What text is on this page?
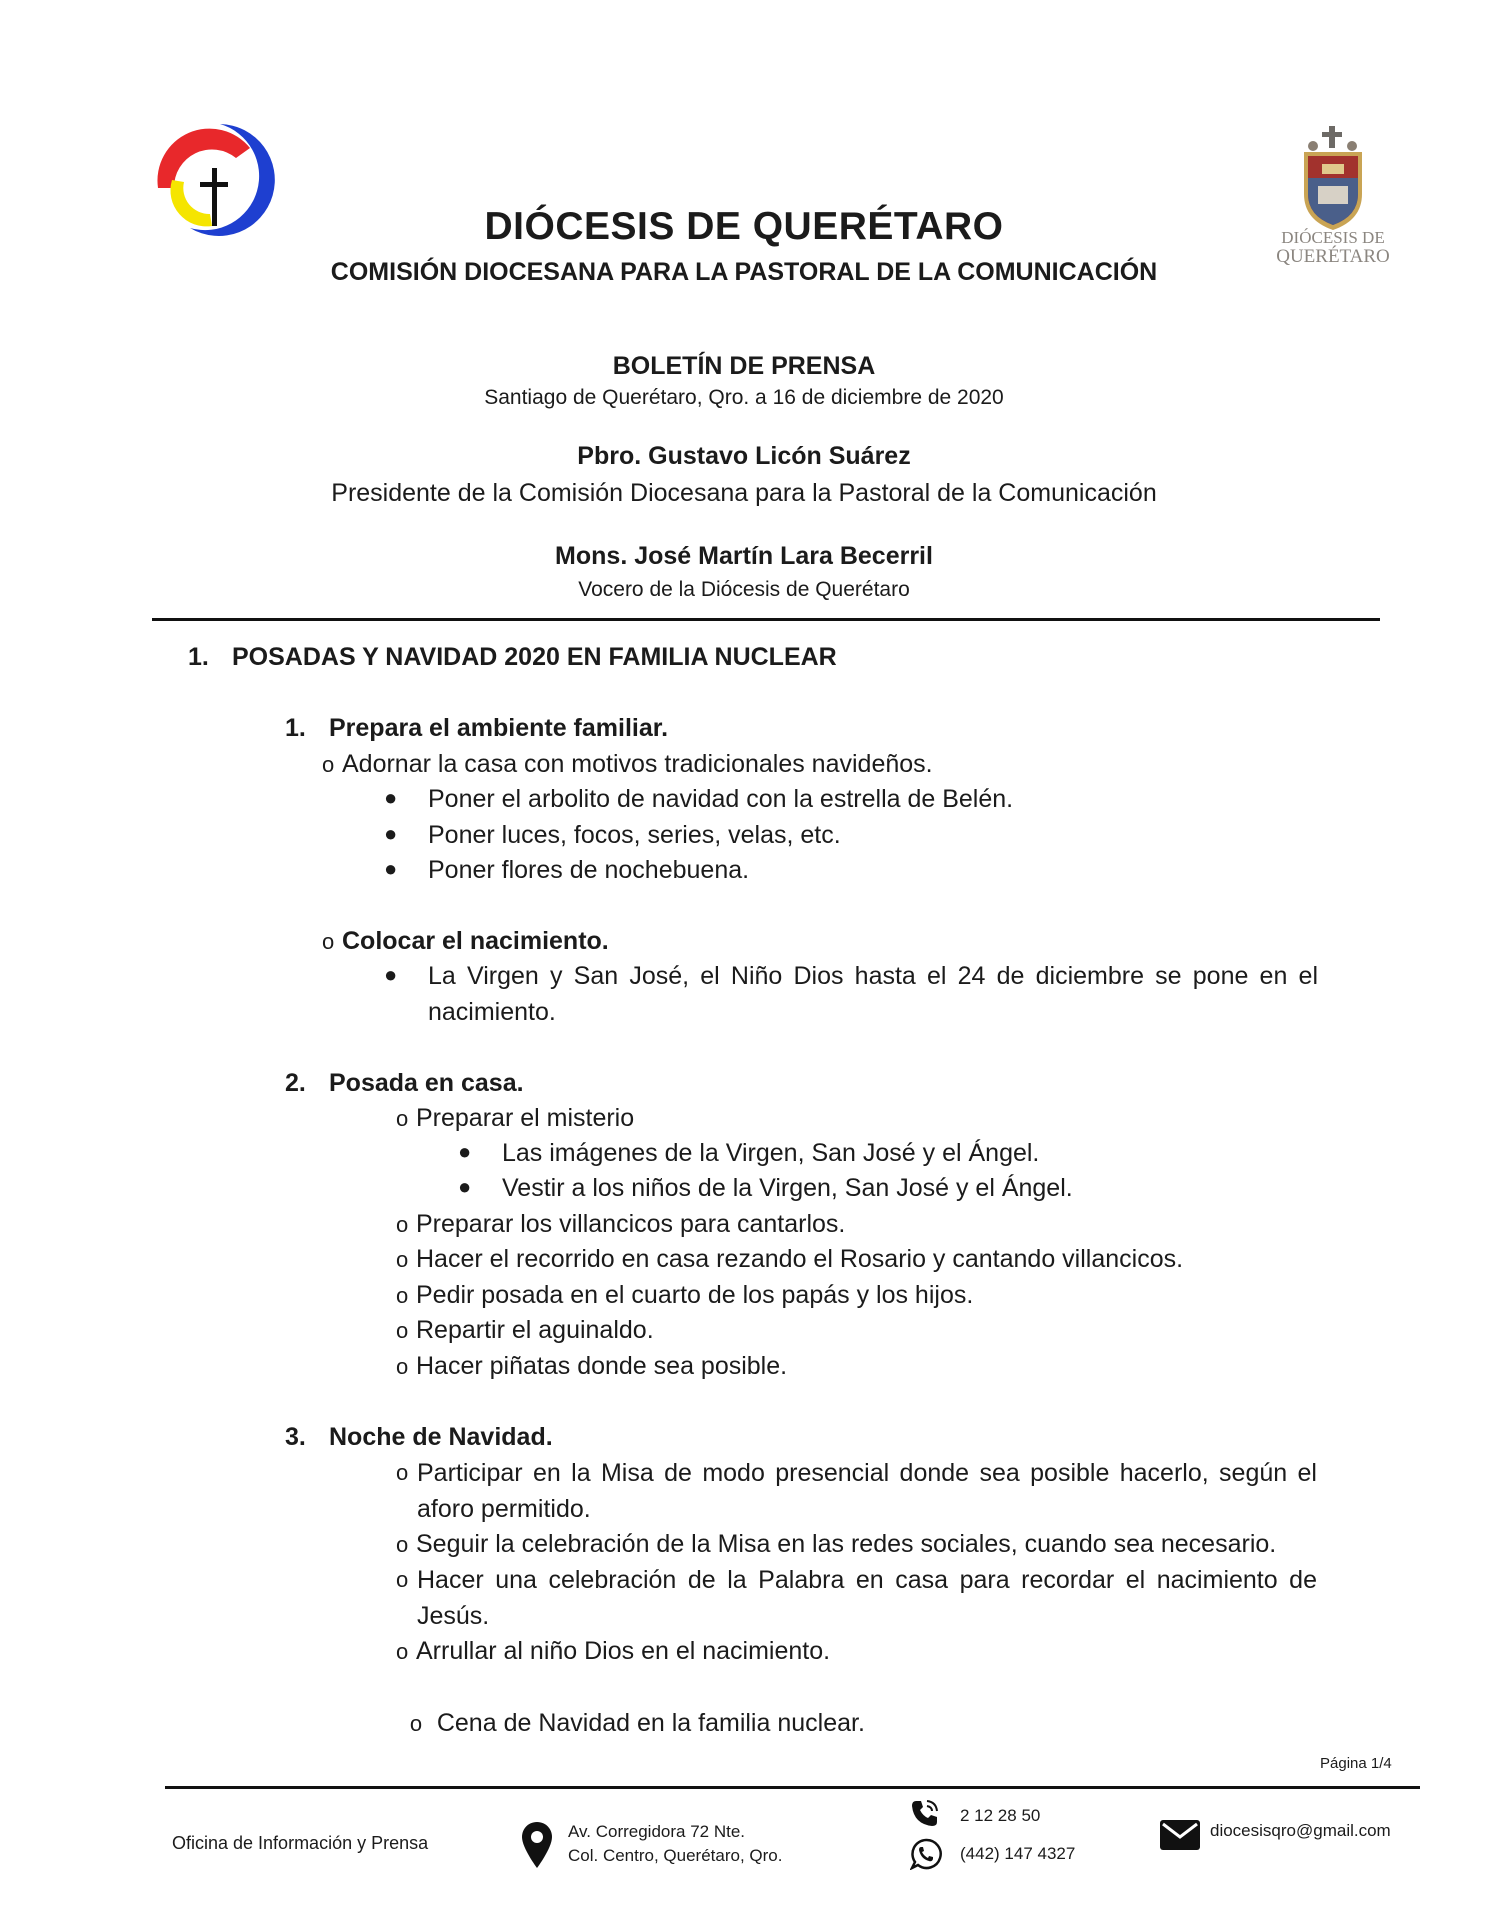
DIÓCESIS DE
QUERÉTARO
DIÓCESIS DE QUERÉTARO
COMISIÓN DIOCESANA PARA LA PASTORAL DE LA COMUNICACIÓN
BOLETÍN DE PRENSA
Santiago de Querétaro, Qro. a 16 de diciembre de 2020
Pbro. Gustavo Licón Suárez
Presidente de la Comisión Diocesana para la Pastoral de la Comunicación
Mons. José Martín Lara Becerril
Vocero de la Diócesis de Querétaro
1. POSADAS Y NAVIDAD 2020 EN FAMILIA NUCLEAR
1. Prepara el ambiente familiar.
o Adornar la casa con motivos tradicionales navideños.
● Poner el arbolito de navidad con la estrella de Belén.
● Poner luces, focos, series, velas, etc.
● Poner flores de nochebuena.
o Colocar el nacimiento.
● La Virgen y San José, el Niño Dios hasta el 24 de diciembre se pone en el nacimiento.
2. Posada en casa.
o Preparar el misterio
● Las imágenes de la Virgen, San José y el Ángel.
● Vestir a los niños de la Virgen, San José y el Ángel.
o Preparar los villancicos para cantarlos.
o Hacer el recorrido en casa rezando el Rosario y cantando villancicos.
o Pedir posada en el cuarto de los papás y los hijos.
o Repartir el aguinaldo.
o Hacer piñatas donde sea posible.
3. Noche de Navidad.
o Participar en la Misa de modo presencial donde sea posible hacerlo, según el aforo permitido.
o Seguir la celebración de la Misa en las redes sociales, cuando sea necesario.
o Hacer una celebración de la Palabra en casa para recordar el nacimiento de Jesús.
o Arrullar al niño Dios en el nacimiento.

o Cena de Navidad en la familia nuclear.

Página 1/4
Oficina de Información y Prensa
Av. Corregidora 72 Nte.
Col. Centro, Querétaro, Qro.
2 12 28 50
(442) 147 4327
diocesisqro@gmail.com
